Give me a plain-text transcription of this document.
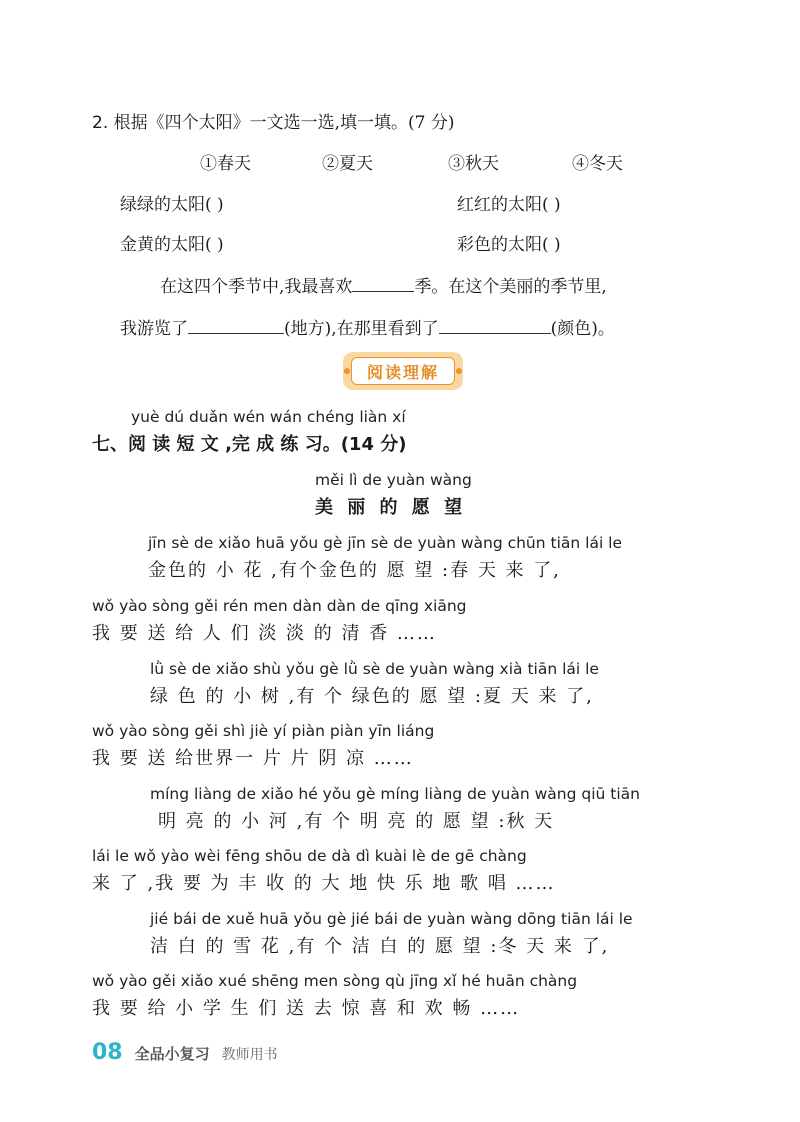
2. 根据《四个太阳》一文选一选,填一填。(7 分)
①春天	②夏天	③秋天	④冬天
绿绿的太阳( )	红红的太阳( )
金黄的太阳( )	彩色的太阳( )
在这四个季节中,我最喜欢	季。在这个美丽的季节里,
我游览了	(地方),在那里看到了	(颜色)。
阅读理解
yuè dú duǎn wén wán chéng liàn xí
七、阅 读 短 文 ,完 成 练 习。(14 分)
měi lì de yuàn wàng
美 丽 的 愿 望
jīn sè de xiǎo huā yǒu gè jīn sè de yuàn wàng chūn tiān lái le
金色的 小 花 ,有个金色的 愿 望 :春 天 来 了,
wǒ yào sòng gěi rén men dàn dàn de qīng xiāng
我 要 送 给 人 们 淡 淡 的 清 香 ……
lǜ sè de xiǎo shù yǒu gè lǜ sè de yuàn wàng xià tiān lái le
绿 色 的 小 树 ,有 个 绿色的 愿 望 :夏 天 来 了,
wǒ yào sòng gěi shì jiè yí piàn piàn yīn liáng
我 要 送 给世界一 片 片 阴 凉 ……
míng liàng de xiǎo hé yǒu gè míng liàng de yuàn wàng qiū tiān
明 亮 的 小 河 ,有 个 明 亮 的 愿 望 :秋 天
lái le wǒ yào wèi fēng shōu de dà dì kuài lè de gē chàng
来 了 ,我 要 为 丰 收 的 大 地 快 乐 地 歌 唱 ……
jié bái de xuě huā yǒu gè jié bái de yuàn wàng dōng tiān lái le
洁 白 的 雪 花 ,有 个 洁 白 的 愿 望 :冬 天 来 了,
wǒ yào gěi xiǎo xué shēng men sòng qù jīng xǐ hé huān chàng
我 要 给 小 学 生 们 送 去 惊 喜 和 欢 畅 ……
08 全品小复习 教师用书
